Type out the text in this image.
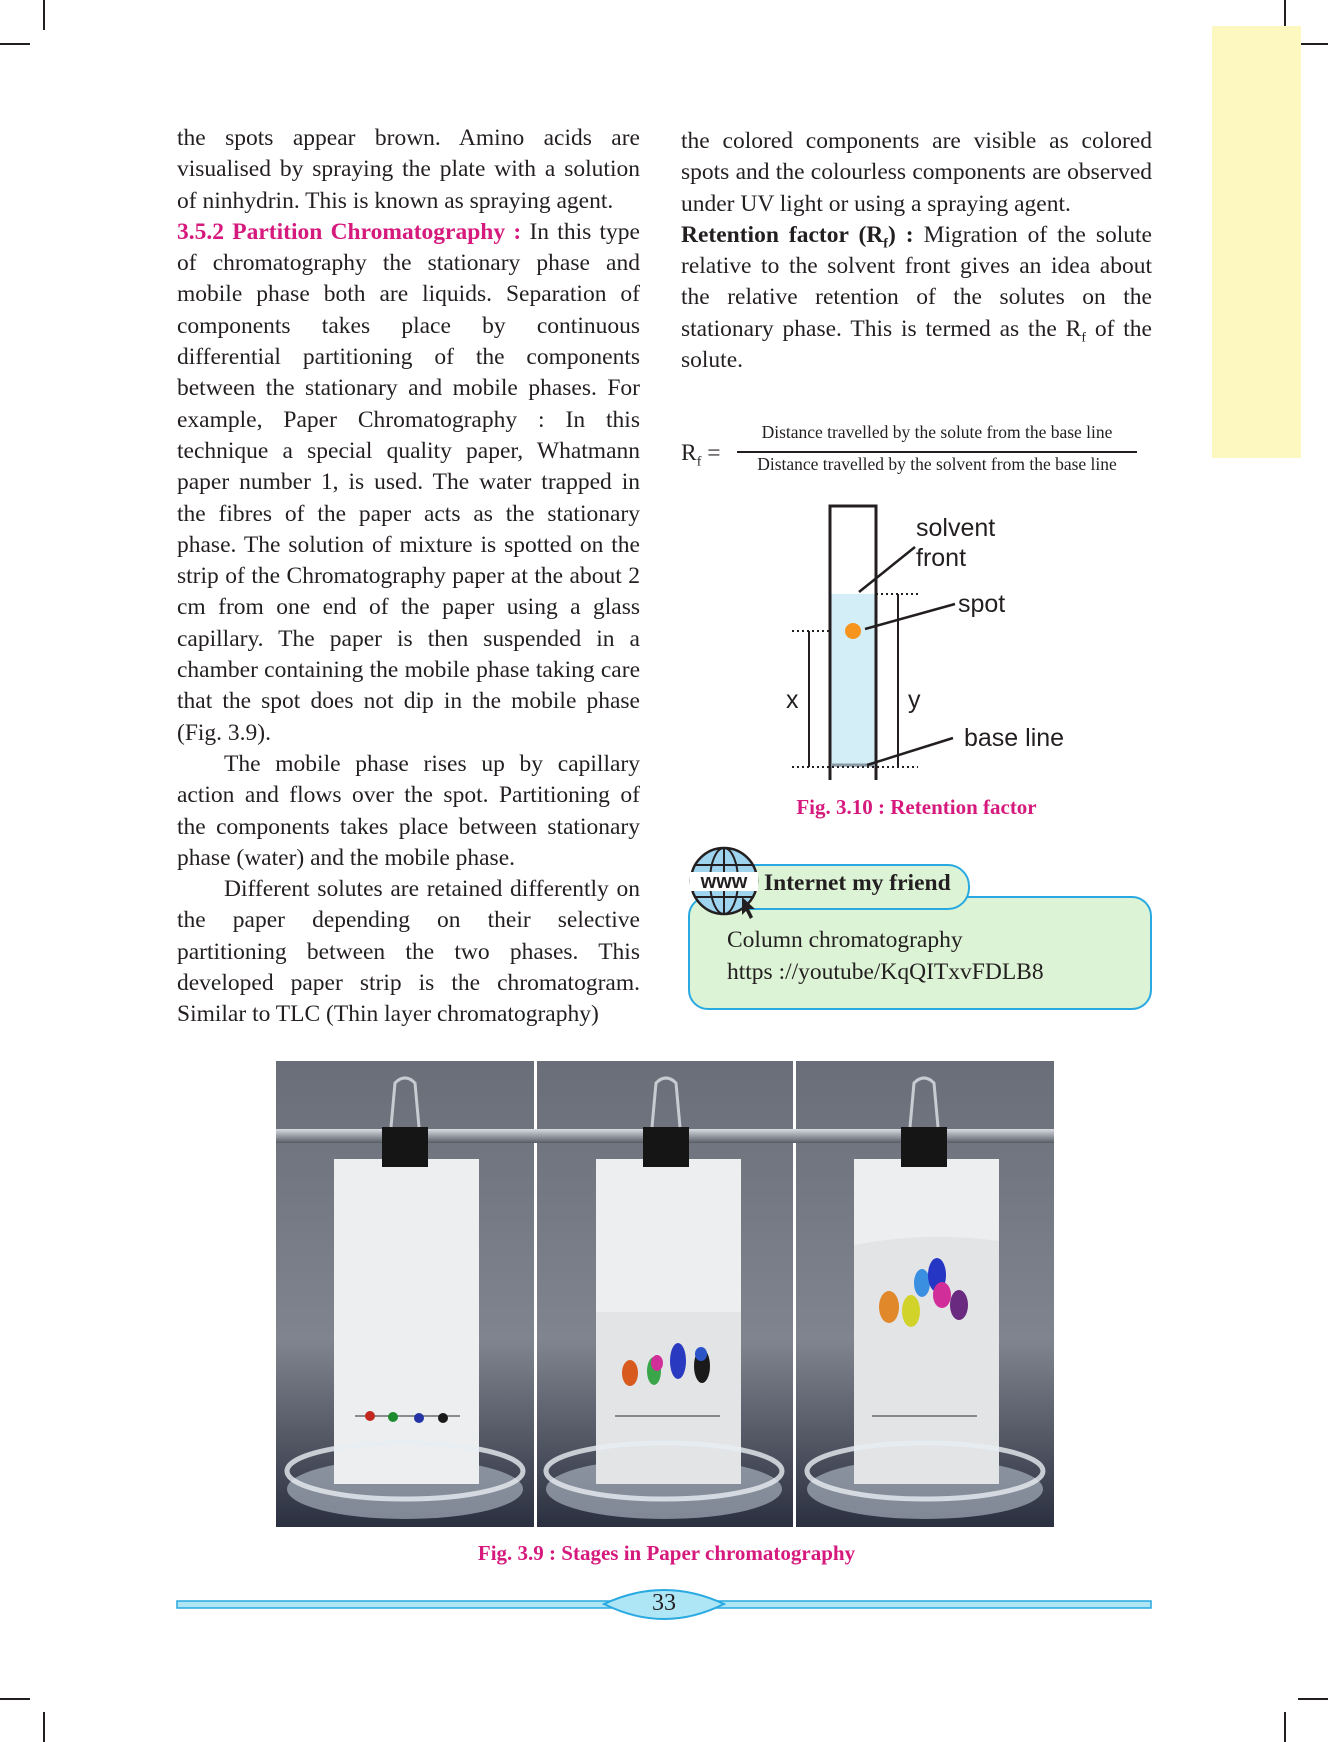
the spots appear brown. Amino acids are visualised by spraying the plate with a solution of ninhydrin. This is known as spraying agent.

3.5.2 Partition Chromatography : In this type of chromatography the stationary phase and mobile phase both are liquids. Separation of components takes place by continuous differential partitioning of the components between the stationary and mobile phases. For example, Paper Chromatography : In this technique a special quality paper, Whatmann paper number 1, is used. The water trapped in the fibres of the paper acts as the stationary phase. The solution of mixture is spotted on the strip of the Chromatography paper at the about 2 cm from one end of the paper using a glass capillary. The paper is then suspended in a chamber containing the mobile phase taking care that the spot does not dip in the mobile phase (Fig. 3.9).

The mobile phase rises up by capillary action and flows over the spot. Partitioning of the components takes place between stationary phase (water) and the mobile phase.

Different solutes are retained differently on the paper depending on their selective partitioning between the two phases. This developed paper strip is the chromatogram. Similar to TLC (Thin layer chromatography)

the colored components are visible as colored spots and the colourless components are observed under UV light or using a spraying agent.

Retention factor $(R_f)$ : Migration of the solute relative to the solvent front gives an idea about the relative retention of the solutes on the stationary phase. This is termed as the $R_f$ of the solute.

$R_f$ =
Distance travelled by the solute from the base line
Distance travelled by the solvent from the base line
solvent
front
spot
x	y
base line
Fig. 3.10 : Retention factor
www Internet my friend
Column chromatography
https ://youtube/KqQITxvFDLB8
Fig. 3.9 : Stages in Paper chromatography
33
